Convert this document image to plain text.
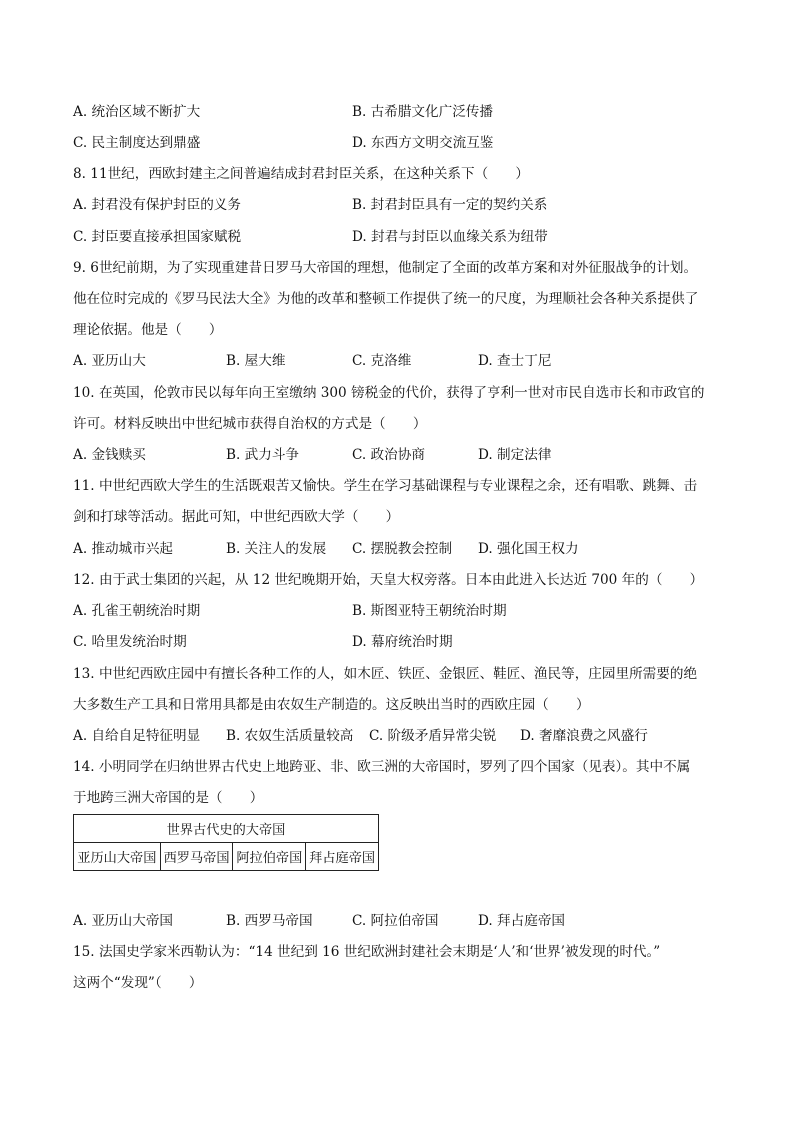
A. 统治区域不断扩大	B. 古希腊文化广泛传播
C. 民主制度达到鼎盛	D. 东西方文明交流互鉴
8. 11世纪，西欧封建主之间普遍结成封君封臣关系，在这种关系下（　　）
A. 封君没有保护封臣的义务	B. 封君封臣具有一定的契约关系
C. 封臣要直接承担国家赋税	D. 封君与封臣以血缘关系为纽带
9. 6世纪前期，为了实现重建昔日罗马大帝国的理想，他制定了全面的改革方案和对外征服战争的计划。
他在位时完成的《罗马民法大全》为他的改革和整顿工作提供了统一的尺度，为理顺社会各种关系提供了
理论依据。他是（　　）
A. 亚历山大	B. 屋大维	C. 克洛维	D. 查士丁尼
10. 在英国，伦敦市民以每年向王室缴纳 300 镑税金的代价，获得了亨利一世对市民自选市长和市政官的
许可。材料反映出中世纪城市获得自治权的方式是（　　）
A. 金钱赎买	B. 武力斗争	C. 政治协商	D. 制定法律
11. 中世纪西欧大学生的生活既艰苦又愉快。学生在学习基础课程与专业课程之余，还有唱歌、跳舞、击
剑和打球等活动。据此可知，中世纪西欧大学（　　）
A. 推动城市兴起	B. 关注人的发展 C. 摆脱教会控制 D. 强化国王权力
12. 由于武士集团的兴起，从 12 世纪晚期开始，天皇大权旁落。日本由此进入长达近 700 年的（　　）
A. 孔雀王朝统治时期	B. 斯图亚特王朝统治时期
C. 哈里发统治时期	D. 幕府统治时期
13. 中世纪西欧庄园中有擅长各种工作的人，如木匠、铁匠、金银匠、鞋匠、渔民等，庄园里所需要的绝
大多数生产工具和日常用具都是由农奴生产制造的。这反映出当时的西欧庄园（　　）
A. 自给自足特征明显 B. 农奴生活质量较高 C. 阶级矛盾异常尖锐 D. 奢靡浪费之风盛行
14. 小明同学在归纳世界古代史上地跨亚、非、欧三洲的大帝国时，罗列了四个国家（见表）。其中不属
于地跨三洲大帝国的是（　　）
世界古代史的大帝国
亚历山大帝国	西罗马帝国	阿拉伯帝国	拜占庭帝国
A. 亚历山大帝国	B. 西罗马帝国	C. 阿拉伯帝国	D. 拜占庭帝国
15. 法国史学家米西勒认为：“14 世纪到 16 世纪欧洲封建社会末期是‘人’和‘世界’被发现的时代。”
这两个“发现”（　　）
